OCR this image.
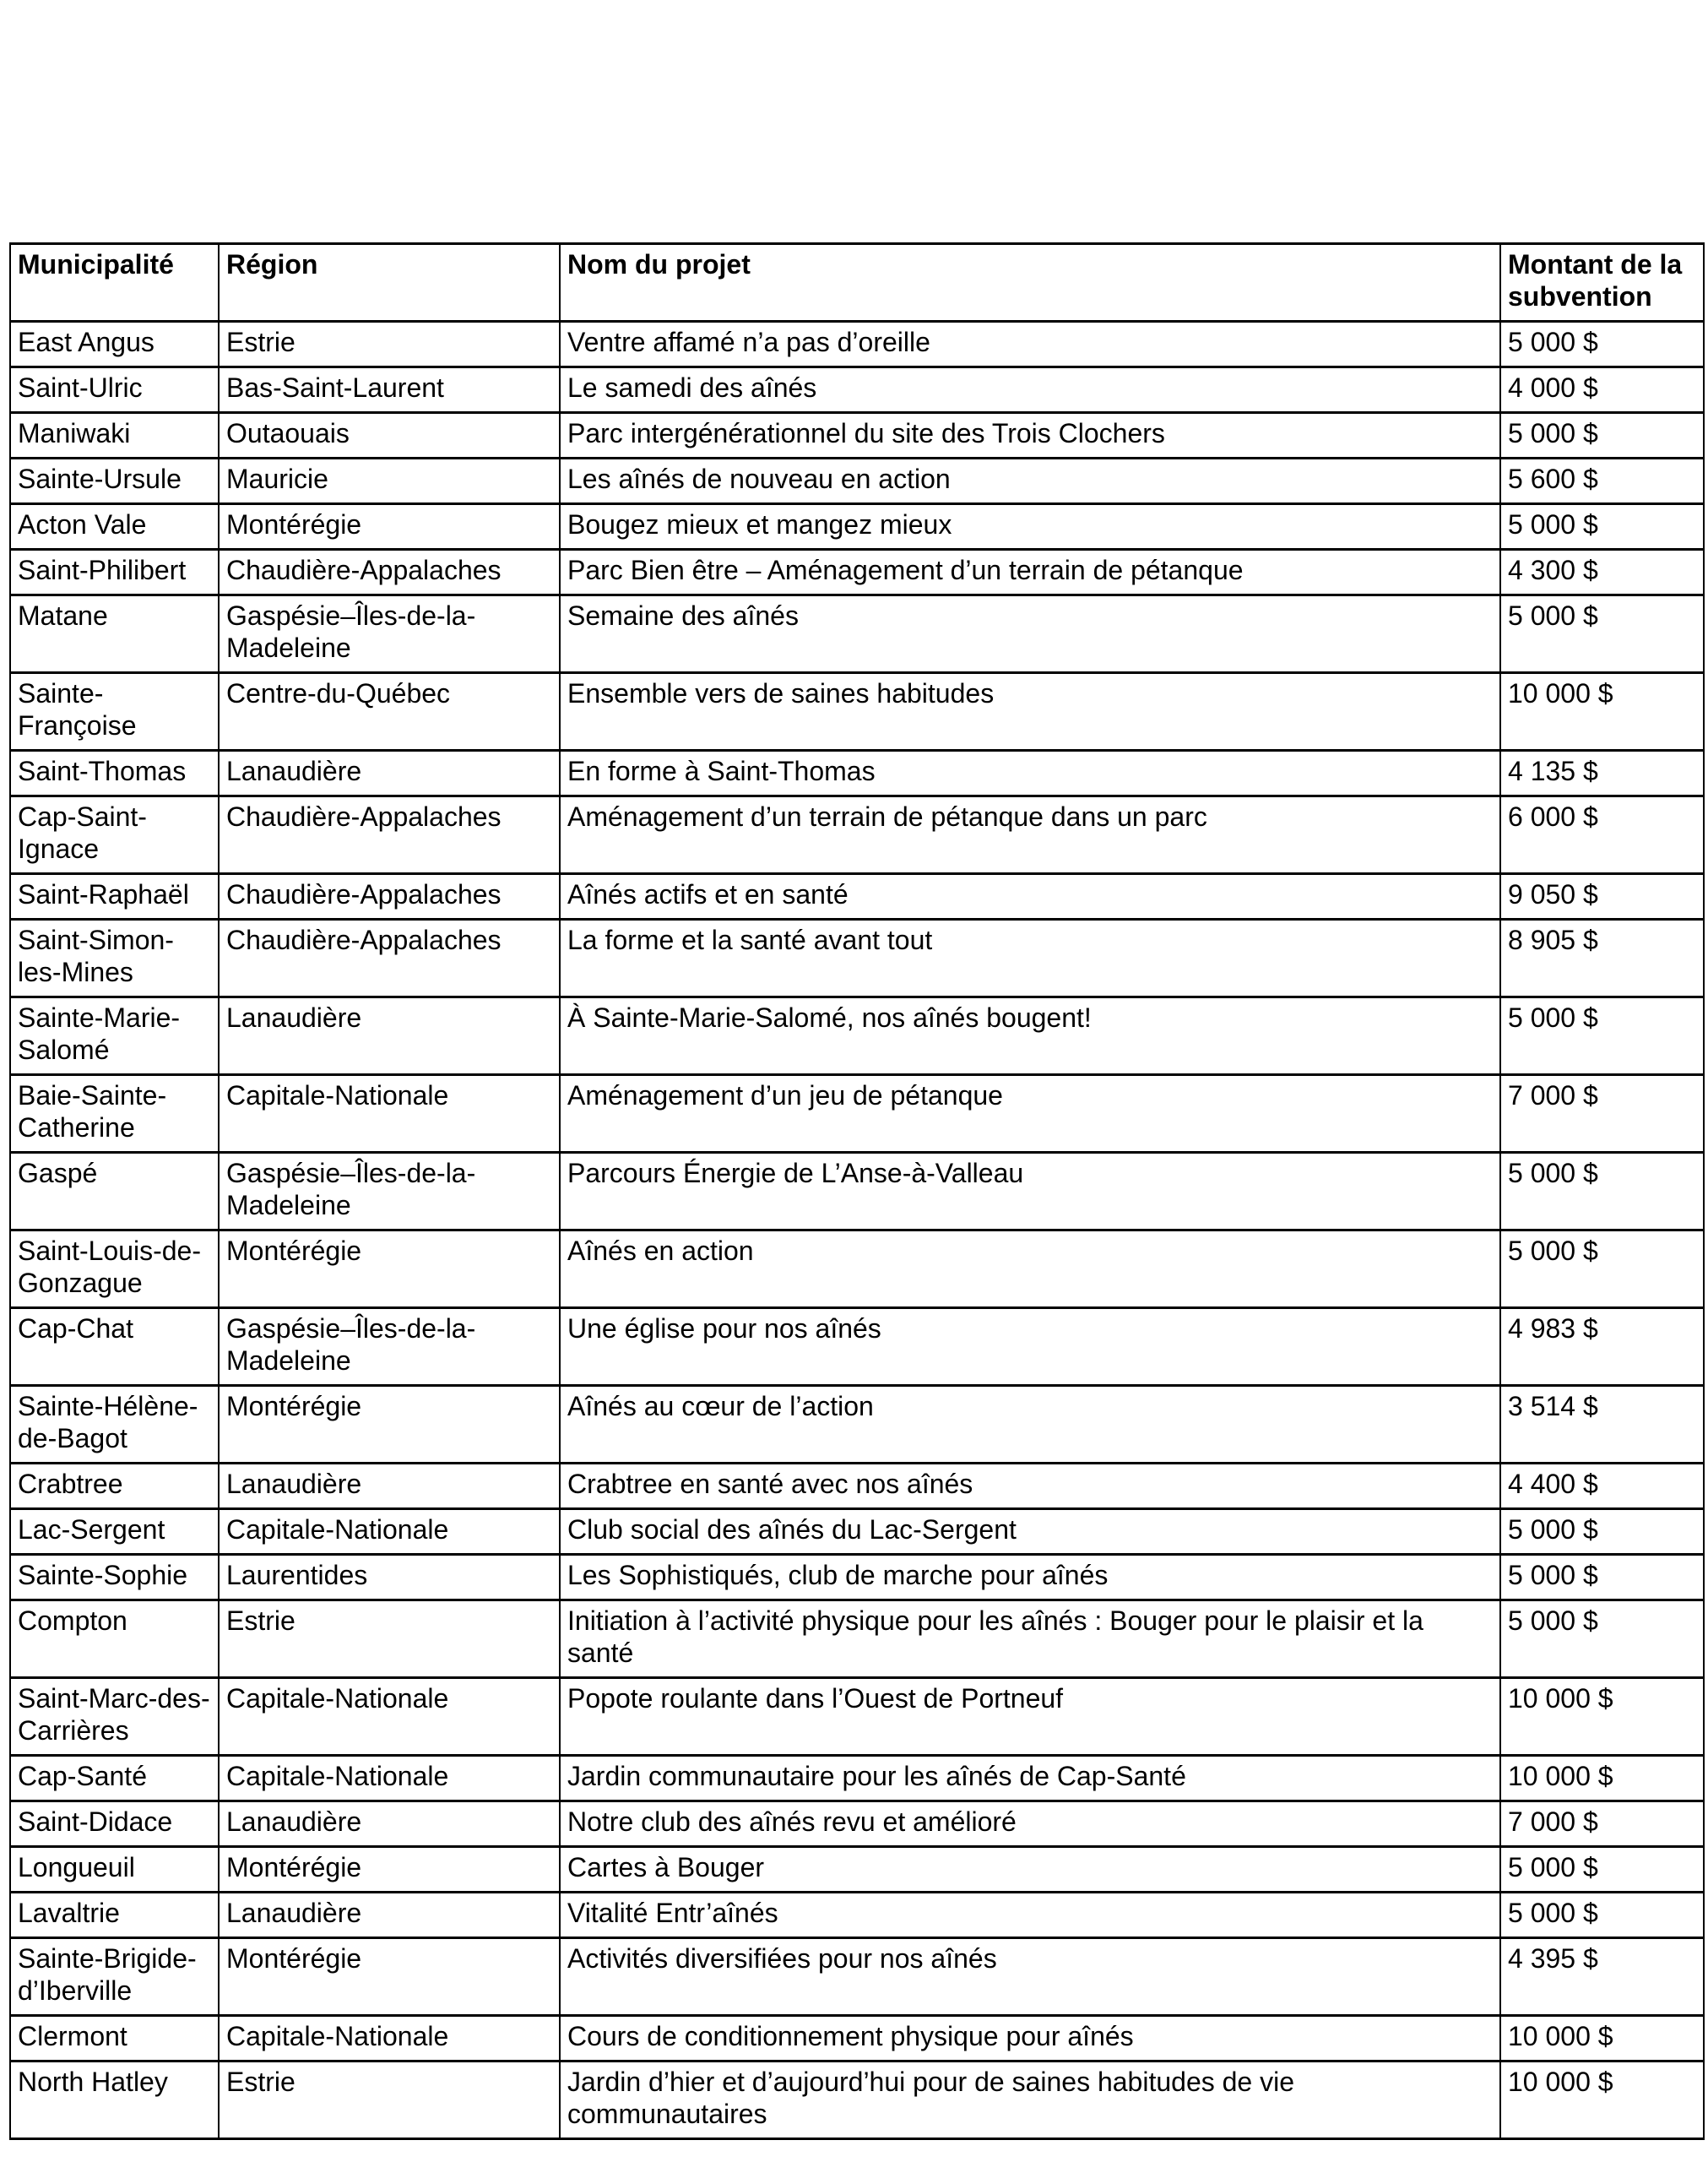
Municipalité	Région	Nom du projet	Montant de la subvention
East Angus	Estrie	Ventre affamé n’a pas d’oreille	5 000 $
Saint-Ulric	Bas-Saint-Laurent	Le samedi des aînés	4 000 $
Maniwaki	Outaouais	Parc intergénérationnel du site des Trois Clochers	5 000 $
Sainte-Ursule	Mauricie	Les aînés de nouveau en action	5 600 $
Acton Vale	Montérégie	Bougez mieux et mangez mieux	5 000 $
Saint-Philibert	Chaudière-Appalaches	Parc Bien être – Aménagement d’un terrain de pétanque	4 300 $
Matane	Gaspésie–Îles-de-la-Madeleine	Semaine des aînés	5 000 $
Sainte-Françoise	Centre-du-Québec	Ensemble vers de saines habitudes	10 000 $
Saint-Thomas	Lanaudière	En forme à Saint-Thomas	4 135 $
Cap-Saint-Ignace	Chaudière-Appalaches	Aménagement d’un terrain de pétanque dans un parc	6 000 $
Saint-Raphaël	Chaudière-Appalaches	Aînés actifs et en santé	9 050 $
Saint-Simon-les-Mines	Chaudière-Appalaches	La forme et la santé avant tout	8 905 $
Sainte-Marie-Salomé	Lanaudière	À Sainte-Marie-Salomé, nos aînés bougent!	5 000 $
Baie-Sainte-Catherine	Capitale-Nationale	Aménagement d’un jeu de pétanque	7 000 $
Gaspé	Gaspésie–Îles-de-la-Madeleine	Parcours Énergie de L’Anse-à-Valleau	5 000 $
Saint-Louis-de-Gonzague	Montérégie	Aînés en action	5 000 $
Cap-Chat	Gaspésie–Îles-de-la-Madeleine	Une église pour nos aînés	4 983 $
Sainte-Hélène-de-Bagot	Montérégie	Aînés au cœur de l’action	3 514 $
Crabtree	Lanaudière	Crabtree en santé avec nos aînés	4 400 $
Lac-Sergent	Capitale-Nationale	Club social des aînés du Lac-Sergent	5 000 $
Sainte-Sophie	Laurentides	Les Sophistiqués, club de marche pour aînés	5 000 $
Compton	Estrie	Initiation à l’activité physique pour les aînés : Bouger pour le plaisir et la santé	5 000 $
Saint-Marc-des-Carrières	Capitale-Nationale	Popote roulante dans l’Ouest de Portneuf	10 000 $
Cap-Santé	Capitale-Nationale	Jardin communautaire pour les aînés de Cap-Santé	10 000 $
Saint-Didace	Lanaudière	Notre club des aînés revu et amélioré	7 000 $
Longueuil	Montérégie	Cartes à Bouger	5 000 $
Lavaltrie	Lanaudière	Vitalité Entr’aînés	5 000 $
Sainte-Brigide-d’Iberville	Montérégie	Activités diversifiées pour nos aînés	4 395 $
Clermont	Capitale-Nationale	Cours de conditionnement physique pour aînés	10 000 $
North Hatley	Estrie	Jardin d’hier et d’aujourd’hui pour de saines habitudes de vie communautaires	10 000 $
